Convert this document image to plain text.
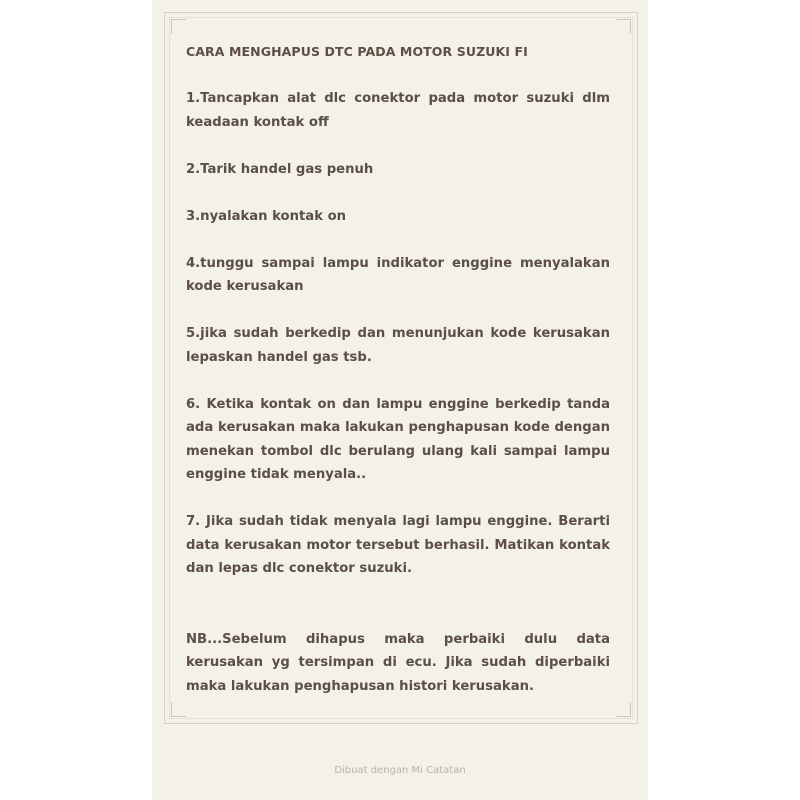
CARA MENGHAPUS DTC PADA MOTOR SUZUKI FI

1.Tancapkan alat dlc conektor pada motor suzuki dlm keadaan kontak off

2.Tarik handel gas penuh

3.nyalakan kontak on

4.tunggu sampai lampu indikator enggine menyalakan kode kerusakan

5.jika sudah berkedip dan menunjukan kode kerusakan lepaskan handel gas tsb.

6. Ketika kontak on dan lampu enggine berkedip tanda ada kerusakan maka lakukan penghapusan kode dengan menekan tombol dlc berulang ulang kali sampai lampu enggine tidak menyala..

7. Jika sudah tidak menyala lagi lampu enggine. Berarti data kerusakan motor tersebut berhasil. Matikan kontak dan lepas dlc conektor suzuki.

NB...Sebelum dihapus maka perbaiki dulu data kerusakan yg tersimpan di ecu. Jika sudah diperbaiki maka lakukan penghapusan histori kerusakan.

Dibuat dengan Mi Catatan
